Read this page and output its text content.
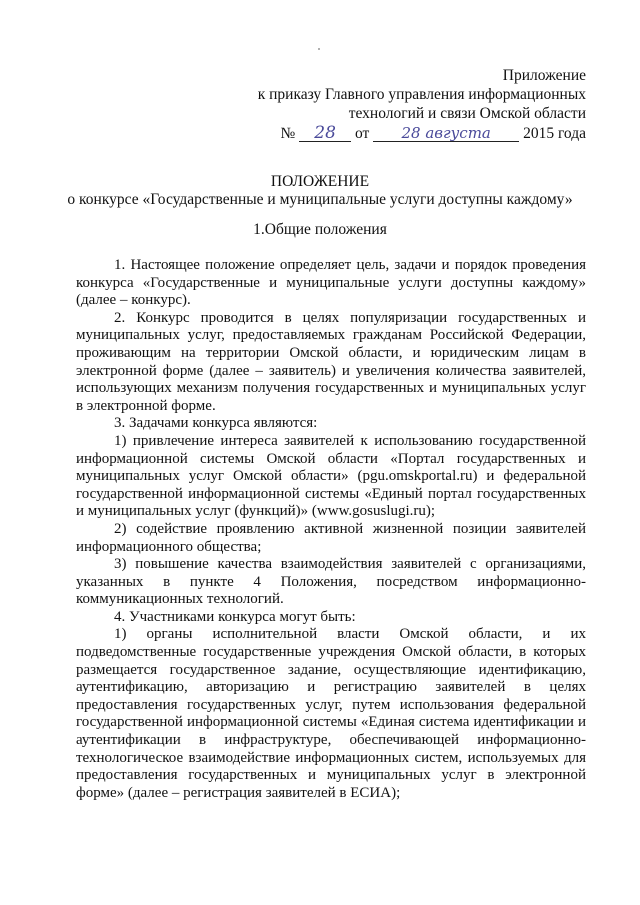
Приложение
к приказу Главного управления информационных
технологий и связи Омской области
№ 28 от 28 августа 2015 года
ПОЛОЖЕНИЕ
о конкурсе «Государственные и муниципальные услуги доступны каждому»
1.Общие положения

1. Настоящее положение определяет цель, задачи и порядок проведения конкурса «Государственные и муниципальные услуги доступны каждому» (далее – конкурс).

2. Конкурс проводится в целях популяризации государственных и муниципальных услуг, предоставляемых гражданам Российской Федерации, проживающим на территории Омской области, и юридическим лицам в электронной форме (далее – заявитель) и увеличения количества заявителей, использующих механизм получения государственных и муниципальных услуг в электронной форме.

3. Задачами конкурса являются:

1) привлечение интереса заявителей к использованию государственной информационной системы Омской области «Портал государственных и муниципальных услуг Омской области» (pgu.omskportal.ru) и федеральной государственной информационной системы «Единый портал государственных и муниципальных услуг (функций)» (www.gosuslugi.ru);

2) содействие проявлению активной жизненной позиции заявителей информационного общества;

3) повышение качества взаимодействия заявителей с организациями, указанных в пункте 4 Положения, посредством информационно-коммуникационных технологий.

4. Участниками конкурса могут быть:

1) органы исполнительной власти Омской области, и их подведомственные государственные учреждения Омской области, в которых размещается государственное задание, осуществляющие идентификацию, аутентификацию, авторизацию и регистрацию заявителей в целях предоставления государственных услуг, путем использования федеральной государственной информационной системы «Единая система идентификации и аутентификации в инфраструктуре, обеспечивающей информационно-технологическое взаимодействие информационных систем, используемых для предоставления государственных и муниципальных услуг в электронной форме» (далее – регистрация заявителей в ЕСИА);
